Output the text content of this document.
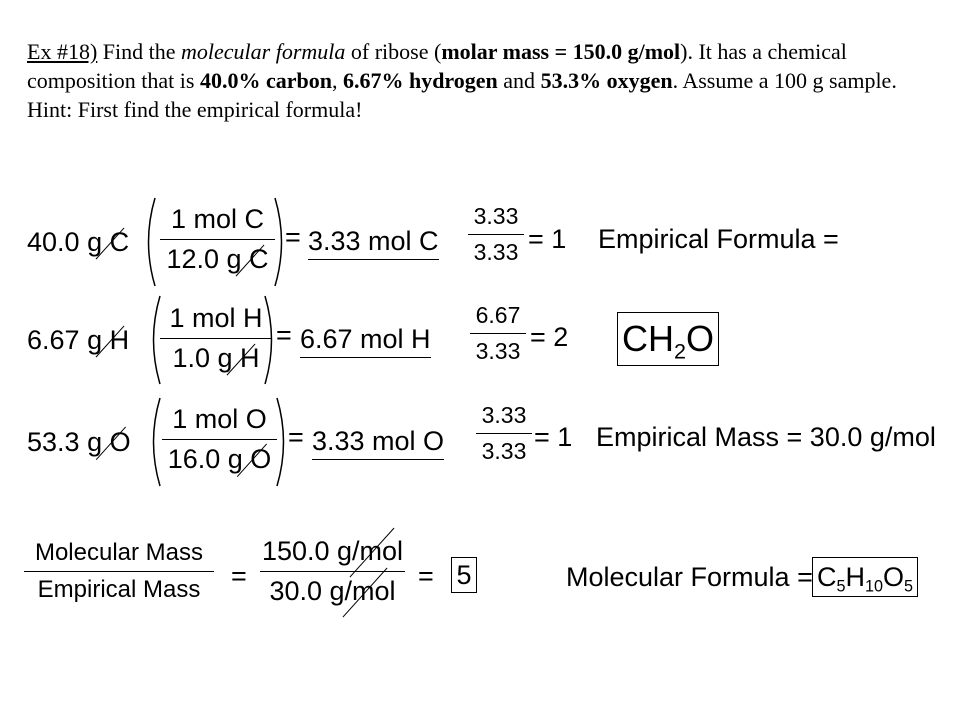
Ex #18) Find the molecular formula of ribose (molar mass = 150.0 g/mol). It has a chemical composition that is 40.0% carbon, 6.67% hydrogen and 53.3% oxygen. Assume a 100 g sample. Hint: First find the empirical formula!
40.0 g C
1 mol C
12.0 g C
= 3.33 mol C
3.33
3.33 = 1 Empirical Formula =
6.67 g H
1 mol H
1.0 g H
= 6.67 mol H
6.67
3.33 = 2 $CH_2O$
53.3 g O
1 mol O
16.0 g O
= 3.33 mol O
3.33
3.33 = 1 Empirical Mass = 30.0 g/mol
Molecular Mass
Empirical Mass	=
150.0 g/mol
30.0 g/mol = 5	Molecular Formula = $C_5H_{10}O_5$
